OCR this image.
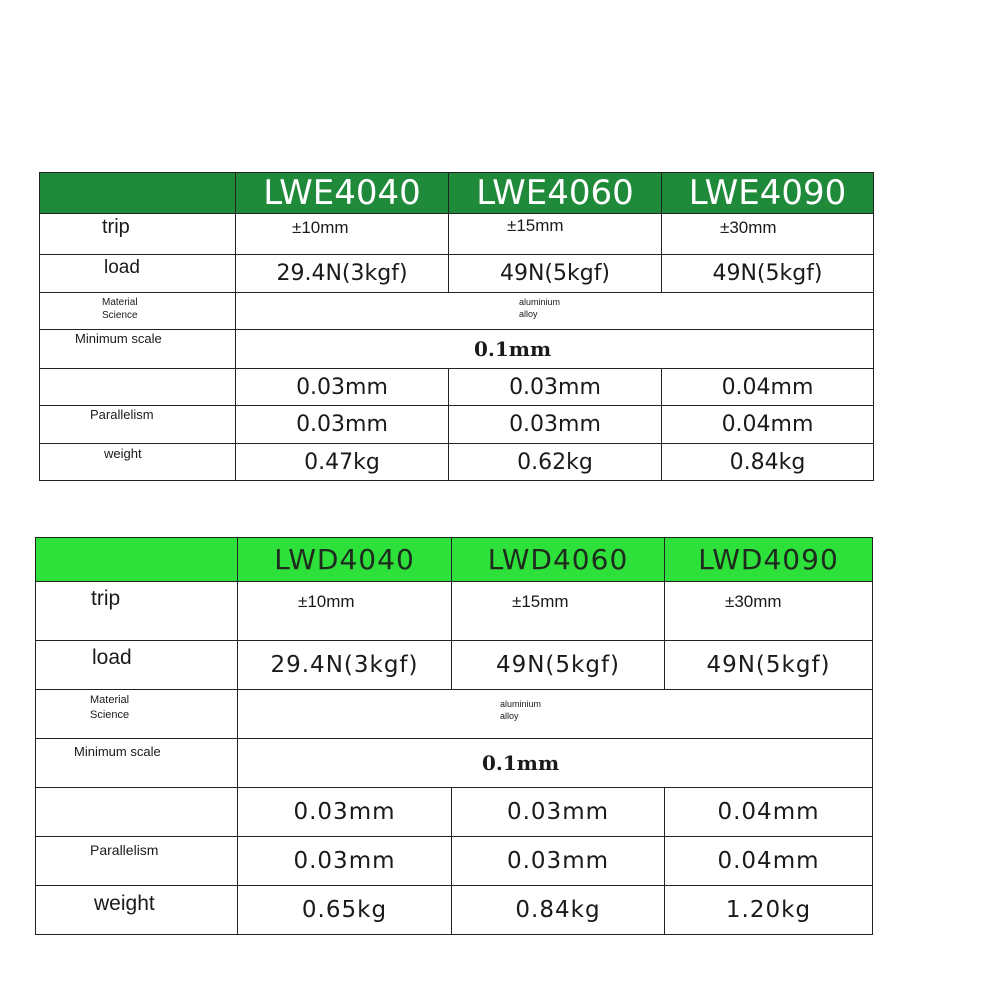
	LWE4040	LWE4060	LWE4090

trip	±10mm	±15mm	±30mm

load	29.4N(3kgf)	49N(5kgf)	49N(5kgf)

Material
Science	aluminium
alloy		

Minimum scale	0.1mm		
	0.03mm	0.03mm	0.04mm

Parallelism	0.03mm	0.03mm	0.04mm

weight	0.47kg	0.62kg	0.84kg
	LWD4040	LWD4060	LWD4090

trip	±10mm	±15mm	±30mm

load	29.4N(3kgf)	49N(5kgf)	49N(5kgf)

Material
Science	aluminium
alloy		

Minimum scale	0.1mm		
	0.03mm	0.03mm	0.04mm

Parallelism	0.03mm	0.03mm	0.04mm

weight	0.65kg	0.84kg	1.20kg
